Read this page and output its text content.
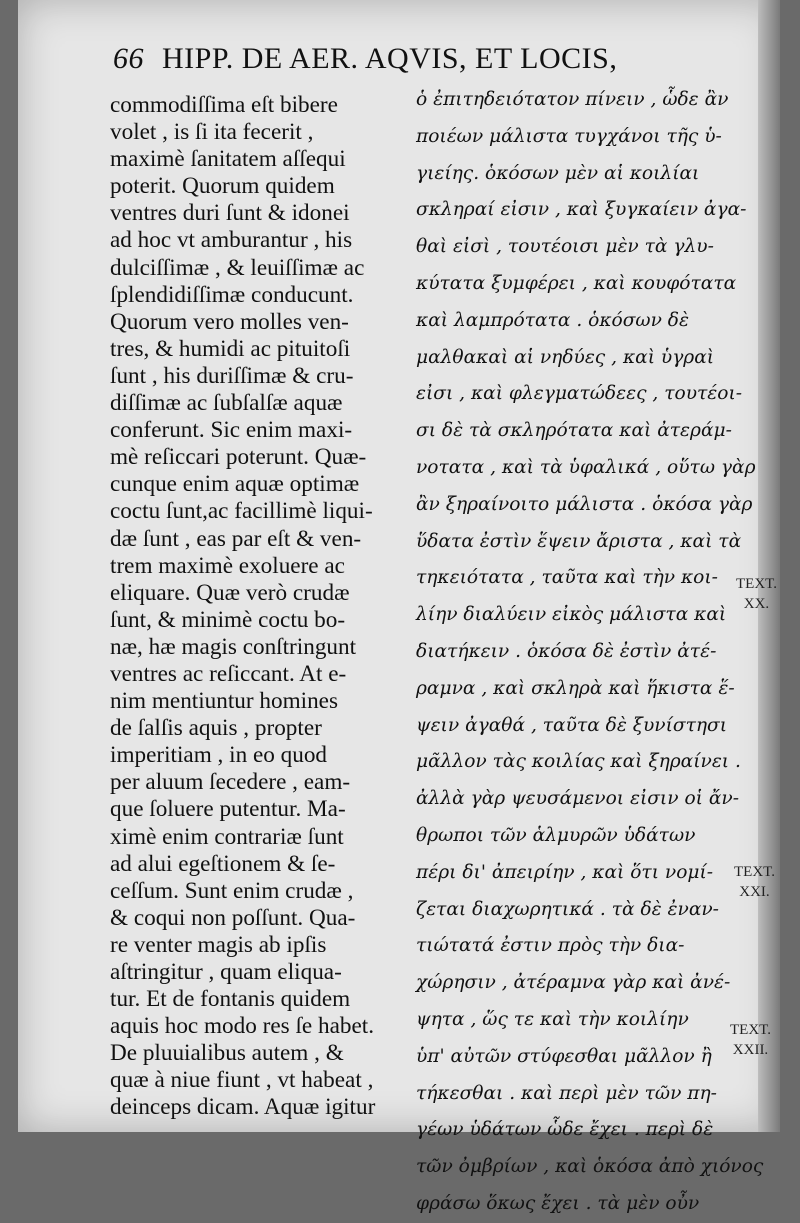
66 HIPP. DE AER. AQVIS, ET LOCIS,
commodiſſima eſt bibere
volet , is ſi ita fecerit ,
maximè ſanitatem aſſequi
poterit. Quorum quidem
ventres duri ſunt & idonei
ad hoc vt amburantur , his
dulciſſimæ , & leuiſſimæ ac
ſplendidiſſimæ conducunt.
Quorum vero molles ven-
tres, & humidi ac pituitoſi
ſunt , his duriſſimæ & cru-
diſſimæ ac ſubſalſæ aquæ
conferunt. Sic enim maxi-
mè reſiccari poterunt. Quæ-
cunque enim aquæ optimæ
coctu ſunt,ac facillimè liqui-
dæ ſunt , eas par eſt & ven-
trem maximè exoluere ac
eliquare. Quæ verò crudæ
ſunt, & minimè coctu bo-
næ, hæ magis conſtringunt
ventres ac reſiccant. At e-
nim mentiuntur homines
de ſalſis aquis , propter
imperitiam , in eo quod
per aluum ſecedere , eam-
que ſoluere putentur. Ma-
ximè enim contrariæ ſunt
ad alui egeſtionem & ſe-
ceſſum. Sunt enim crudæ ,
& coqui non poſſunt. Qua-
re venter magis ab ipſis
aſtringitur , quam eliqua-
tur. Et de fontanis quidem
aquis hoc modo res ſe habet.
De pluuialibus autem , &
quæ à niue fiunt , vt habeat ,
deinceps dicam. Aquæ igitur
ὁ ἐπιτηδειότατον πίνειν , ὧδε ἂν
ποιέων μάλιστα τυγχάνοι τῆς ὑ-
γιείης. ὁκόσων μὲν αἱ κοιλίαι
σκληραί εἰσιν , καὶ ξυγκαίειν ἀγα-
θαὶ εἰσὶ , τουτέοισι μὲν τὰ γλυ-
κύτατα ξυμφέρει , καὶ κουφότατα
καὶ λαμπρότατα . ὁκόσων δὲ
μαλθακαὶ αἱ νηδύες , καὶ ὑγραὶ
εἰσι , καὶ φλεγματώδεες , τουτέοι-
σι δὲ τὰ σκληρότατα καὶ ἀτεράμ-
νοτατα , καὶ τὰ ὑφαλικά , οὕτω γὰρ
ἂν ξηραίνοιτο μάλιστα . ὁκόσα γὰρ
ὕδατα ἐστὶν ἕψειν ἄριστα , καὶ τὰ
τηκειότατα , ταῦτα καὶ τὴν κοι-
λίην διαλύειν εἰκὸς μάλιστα καὶ
διατήκειν . ὁκόσα δὲ ἐστὶν ἀτέ-
ραμνα , καὶ σκληρὰ καὶ ἥκιστα ἕ-
ψειν ἀγαθά , ταῦτα δὲ ξυνίστησι
μᾶλλον τὰς κοιλίας καὶ ξηραίνει .
ἀλλὰ γὰρ ψευσάμενοι εἰσιν οἱ ἄν-
θρωποι τῶν ἁλμυρῶν ὑδάτων
πέρι δι' ἀπειρίην , καὶ ὅτι νομί-
ζεται διαχωρητικά . τὰ δὲ ἐναν-
τιώτατά ἐστιν πρὸς τὴν δια-
χώρησιν , ἀτέραμνα γὰρ καὶ ἀνέ-
ψητα , ὥς τε καὶ τὴν κοιλίην
ὑπ' αὐτῶν στύφεσθαι μᾶλλον ἢ
τήκεσθαι . καὶ περὶ μὲν τῶν πη-
γέων ὑδάτων ὧδε ἔχει . περὶ δὲ
τῶν ὀμβρίων , καὶ ὁκόσα ἀπὸ χιόνος
φράσω ὅκως ἔχει . τὰ μὲν οὖν
TEXT.
XX.
TEXT.
XXI.
TEXT.
XXII.
